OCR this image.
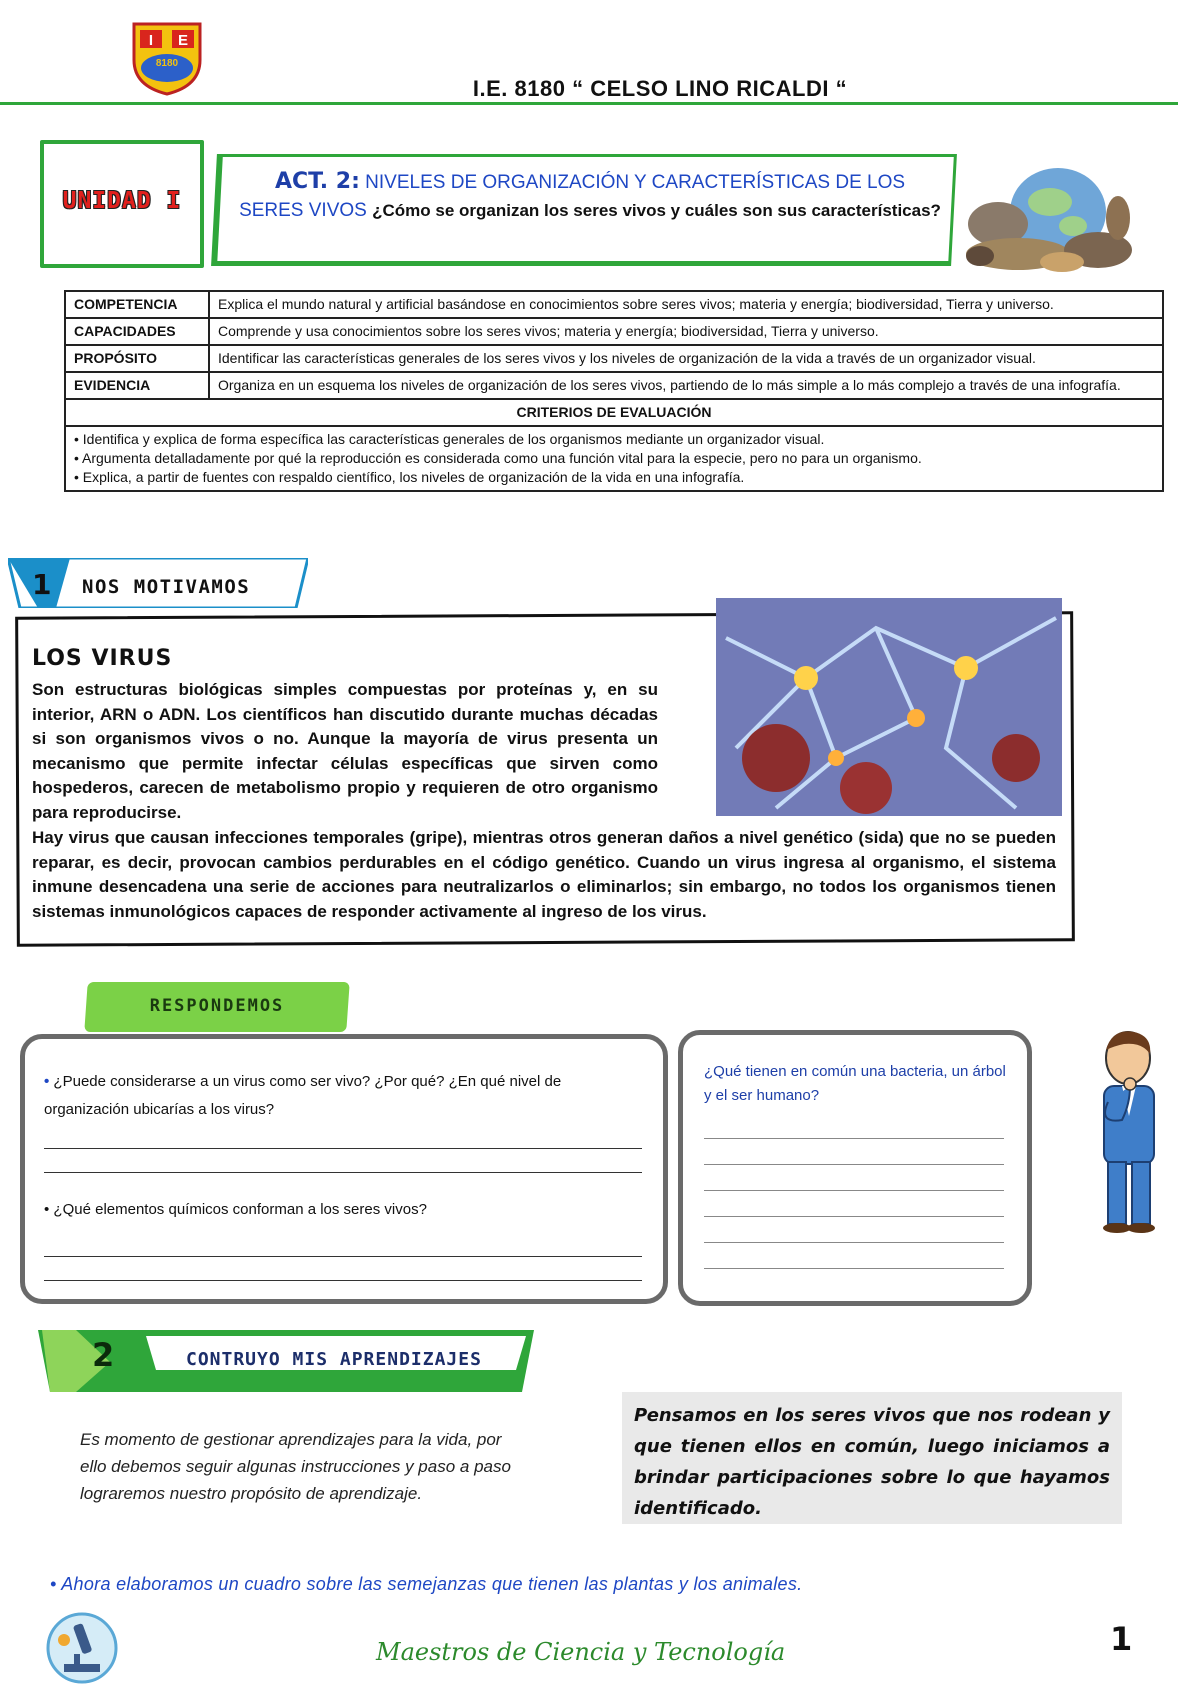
I E
8180
I.E. 8180 “ CELSO LINO RICALDI “
UNIDAD I
ACT. 2: NIVELES DE ORGANIZACIÓN Y CARACTERÍSTICAS DE LOS
SERES VIVOS ¿Cómo se organizan los seres vivos y cuáles son sus características?
COMPETENCIA	Explica el mundo natural y artificial basándose en conocimientos sobre seres vivos; materia y energía; biodiversidad, Tierra y universo.
CAPACIDADES	Comprende y usa conocimientos sobre los seres vivos; materia y energía; biodiversidad, Tierra y universo.
PROPÓSITO	Identificar las características generales de los seres vivos y los niveles de organización de la vida a través de un organizador visual.
EVIDENCIA	Organiza en un esquema los niveles de organización de los seres vivos, partiendo de lo más simple a lo más complejo a través de una infografía.
CRITERIOS DE EVALUACIÓN	

• Identifica y explica de forma específica las características generales de los organismos mediante un organizador visual.
• Argumenta detalladamente por qué la reproducción es considerada como una función vital para la especie, pero no para un organismo.
• Explica, a partir de fuentes con respaldo científico, los niveles de organización de la vida en una infografía.	
1 NOS MOTIVAMOS
LOS VIRUS
Son estructuras biológicas simples compuestas por proteínas y, en su interior, ARN o ADN. Los científicos han discutido durante muchas décadas si son organismos vivos o no. Aunque la mayoría de virus presenta un mecanismo que permite infectar células específicas que sirven como hospederos, carecen de metabolismo propio y requieren de otro organismo para reproducirse.
Hay virus que causan infecciones temporales (gripe), mientras otros generan daños a nivel genético (sida) que no se pueden reparar, es decir, provocan cambios perdurables en el código genético. Cuando un virus ingresa al organismo, el sistema inmune desencadena una serie de acciones para neutralizarlos o eliminarlos; sin embargo, no todos los organismos tienen sistemas inmunológicos capaces de responder activamente al ingreso de los virus.
RESPONDEMOS
• ¿Puede considerarse a un virus como ser vivo? ¿Por qué? ¿En qué nivel de organización ubicarías a los virus?
• ¿Qué elementos químicos conforman a los seres vivos?
¿Qué tienen en común una bacteria, un árbol y el ser humano?
2	CONTRUYO MIS APRENDIZAJES
Es momento de gestionar aprendizajes para la vida, por ello debemos seguir algunas instrucciones y paso a paso lograremos nuestro propósito de aprendizaje.
Pensamos en los seres vivos que nos rodean y que tienen ellos en común, luego iniciamos a brindar participaciones sobre lo que hayamos identificado.
• Ahora elaboramos un cuadro sobre las semejanzas que tienen las plantas y los animales.
Maestros de Ciencia y Tecnología	1
